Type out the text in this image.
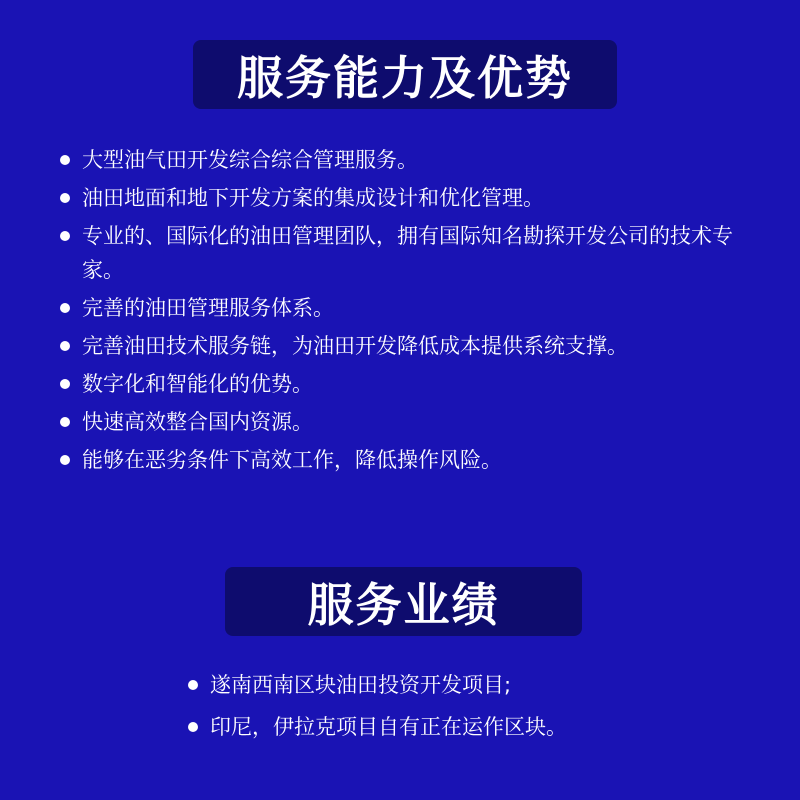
服务能力及优势
大型油气田开发综合综合管理服务。
油田地面和地下开发方案的集成设计和优化管理。
专业的、国际化的油田管理团队，拥有国际知名勘探开发公司的技术专家。
完善的油田管理服务体系。
完善油田技术服务链，为油田开发降低成本提供系统支撑。
数字化和智能化的优势。
快速高效整合国内资源。
能够在恶劣条件下高效工作，降低操作风险。
服务业绩
遂南西南区块油田投资开发项目;
印尼，伊拉克项目自有正在运作区块。
